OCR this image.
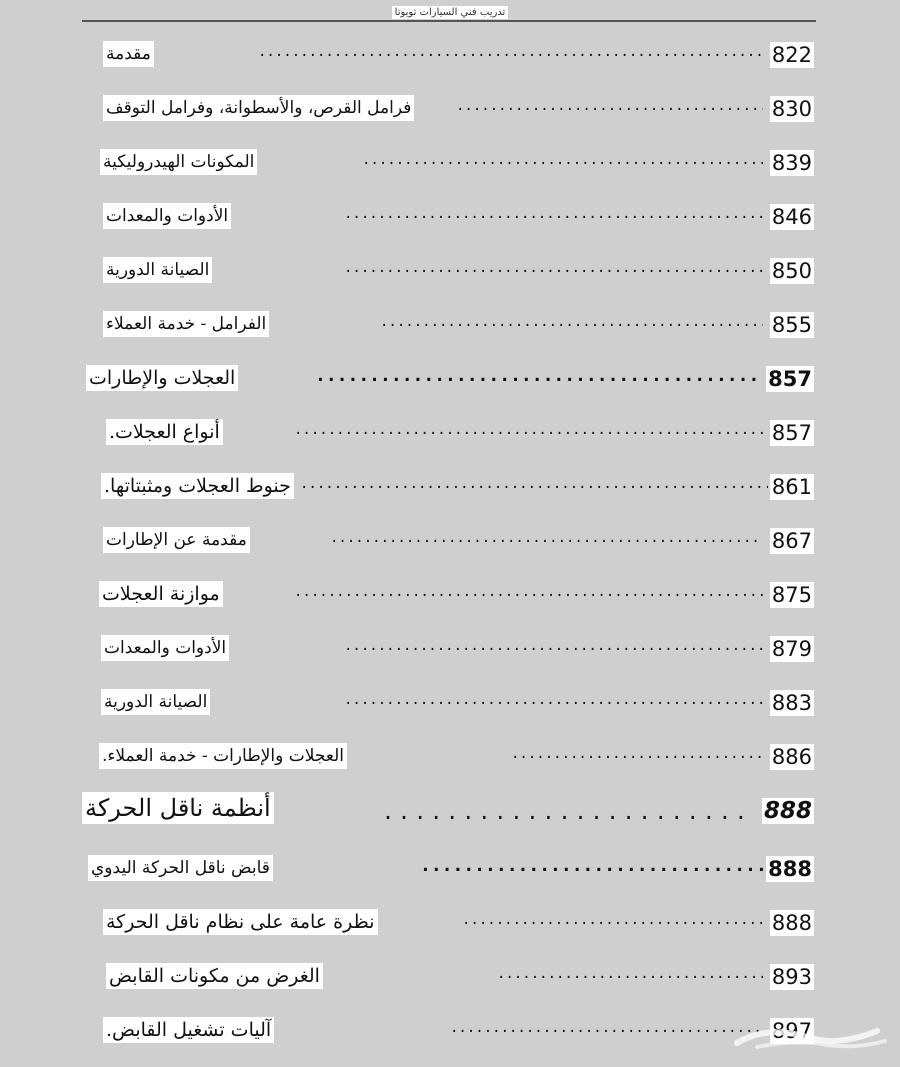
تدريب فني السيارات تويوتا
822
.....
مقدمة
830
.....
فرامل القرص، والأسطوانة، وفرامل التوقف
839
.....
المكونات الهيدروليكية
846
.....
الأدوات والمعدات
850
.....
الصيانة الدورية
855
.....
الفرامل - خدمة العملاء
857
.....
العجلات والإطارات
857
.....
أنواع العجلات.
861
.....
جنوط العجلات ومثبتاتها.
867
.....
مقدمة عن الإطارات
875
.....
موازنة العجلات
879
.....
الأدوات والمعدات
883
.....
الصيانة الدورية
886
.....
العجلات والإطارات - خدمة العملاء.
888
.....
أنظمة ناقل الحركة
888
.....
قابض ناقل الحركة اليدوي
888
.....
نظرة عامة على نظام ناقل الحركة
893
.....
الغرض من مكونات القابض
897
.....
آليات تشغيل القابض.
